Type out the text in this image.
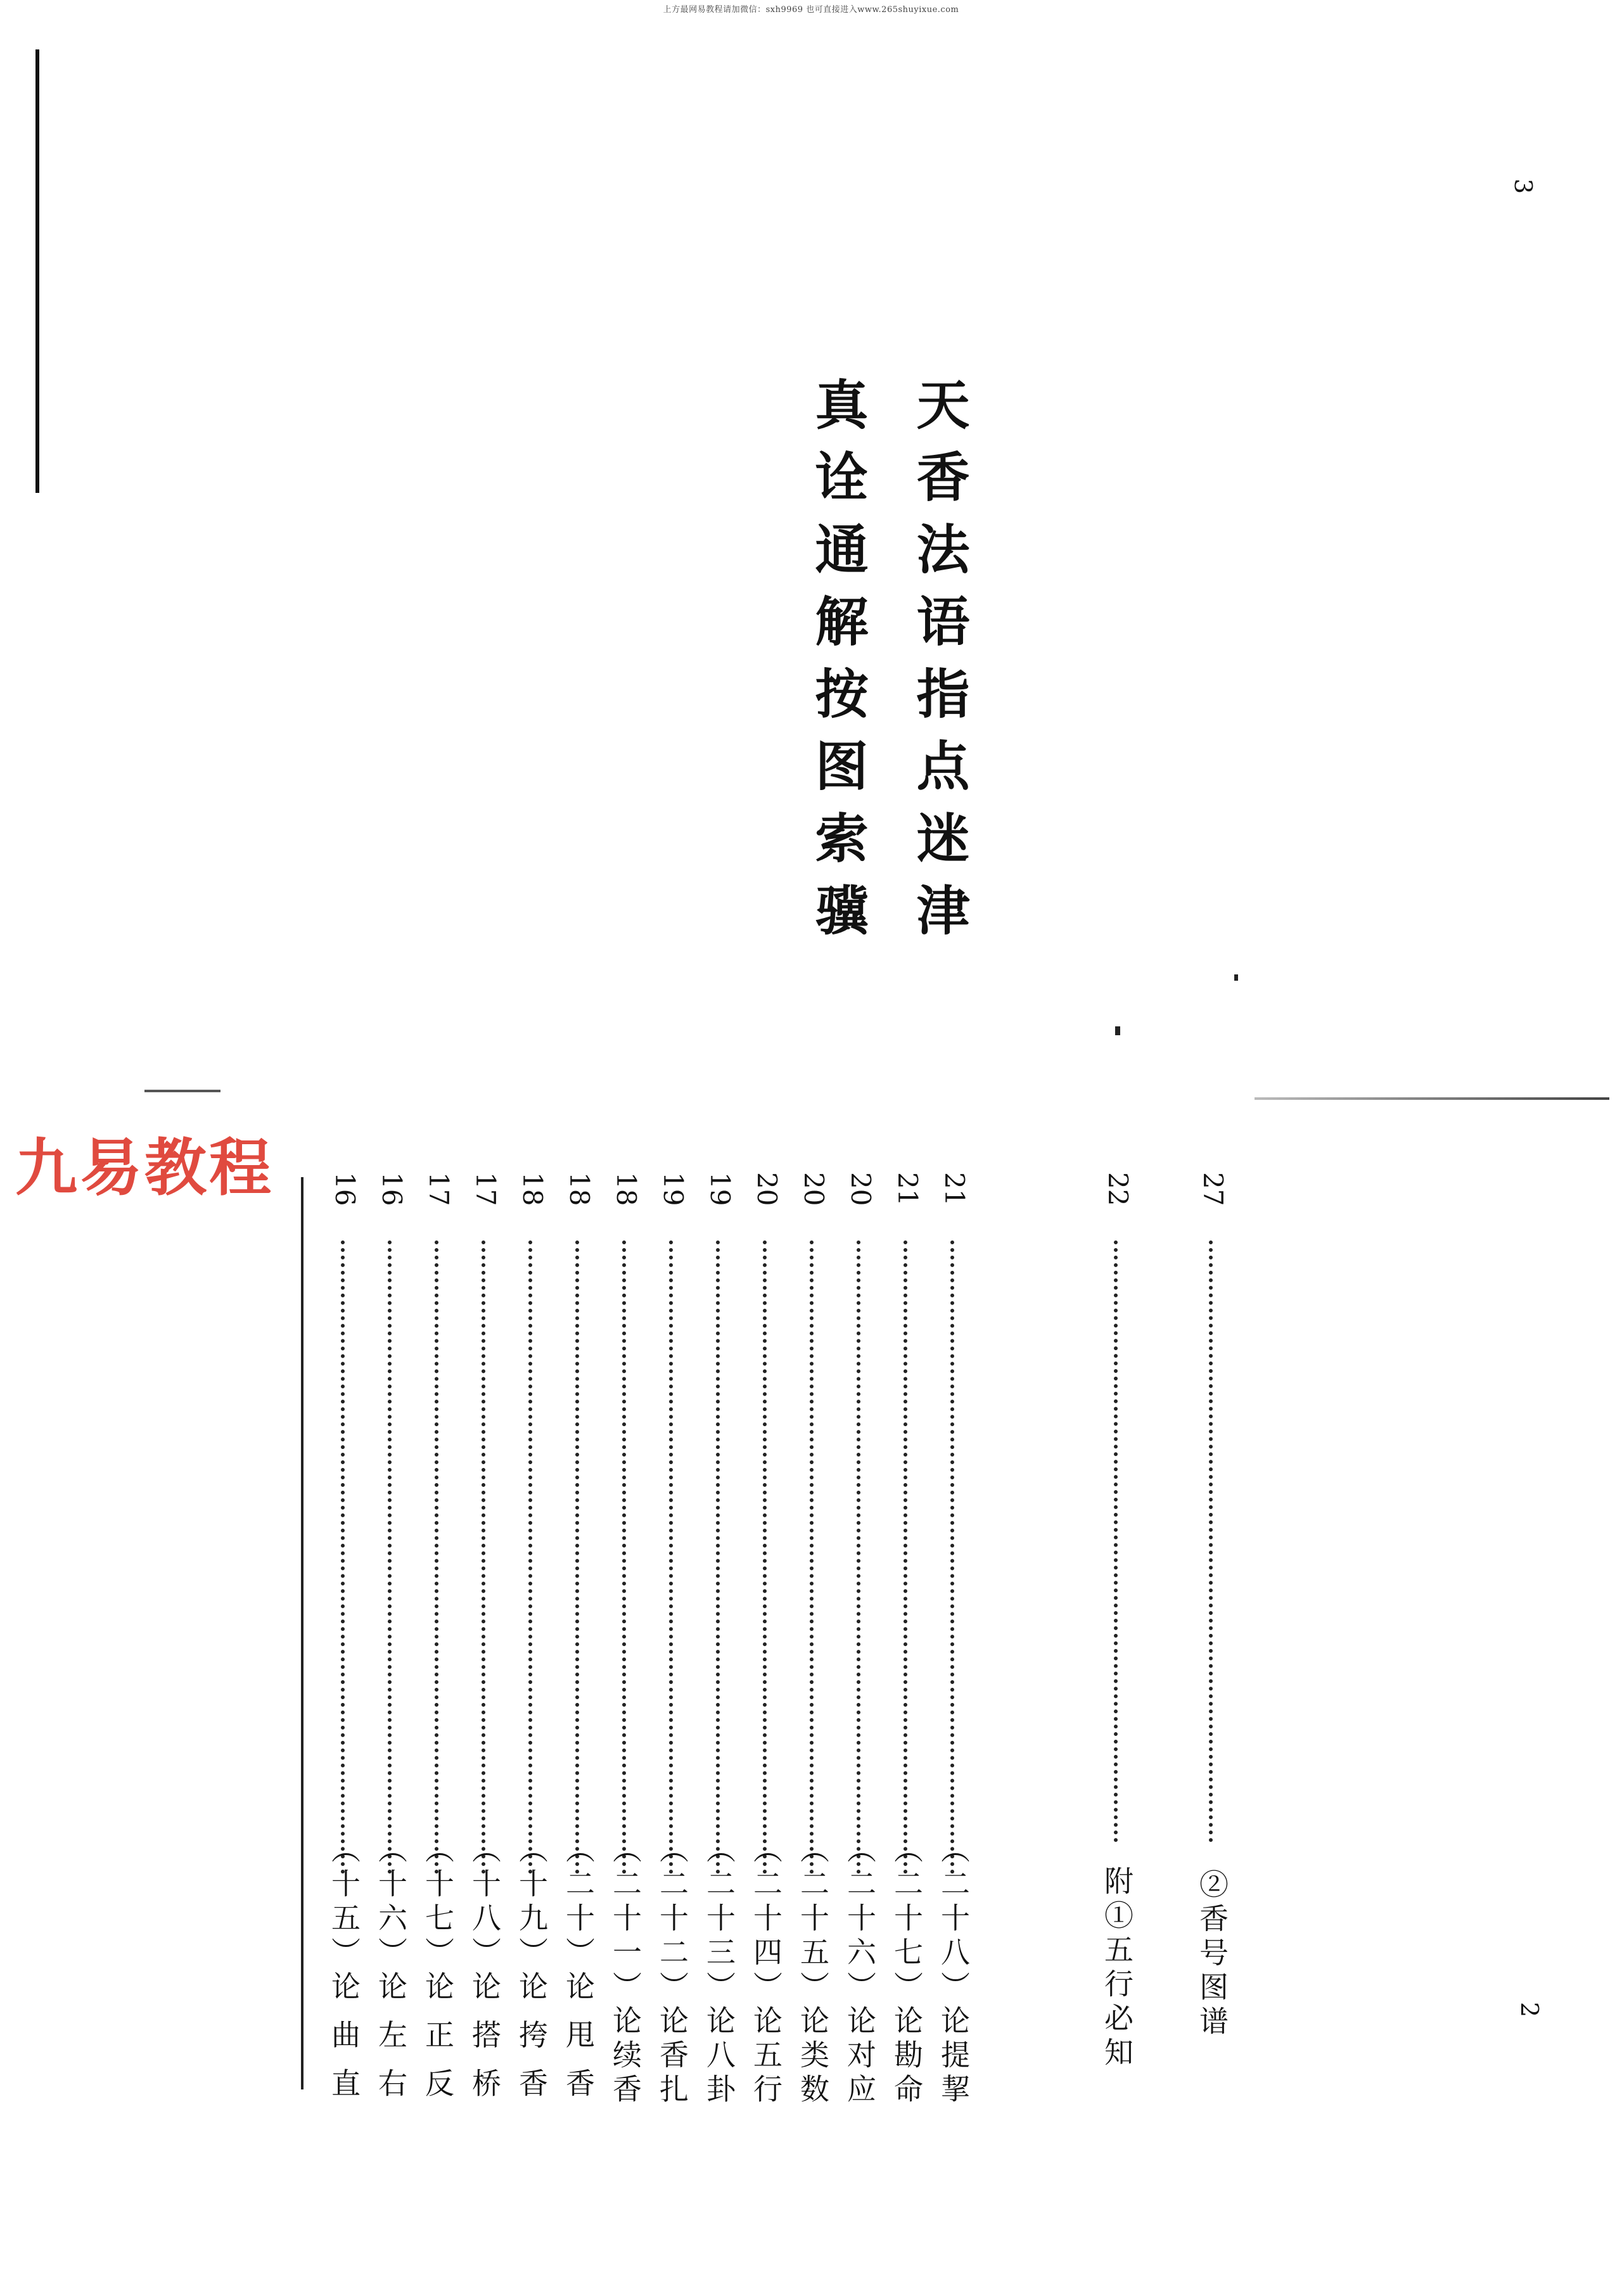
上方最网易教程请加微信：sxh9969 也可直接进入www.265shuyixue.com
3
天香法语指点迷津
真诠通解按图索骥
九易教程
2
16
（十五）论 曲 直
16
（十六）论 左 右
17
（十七）论 正 反
17
（十八）论 搭 桥
18
（十九）论 挎 香
18
（二十）论 甩 香
18
（二十一）论续香
19
（二十二）论香扎
19
（二十三）论八卦
20
（二十四）论五行
20
（二十五）论类数
20
（二十六）论对应
21
（二十七）论勘命
21
（二十八）论提挈
22
附①五行必知
27
②香号图谱
